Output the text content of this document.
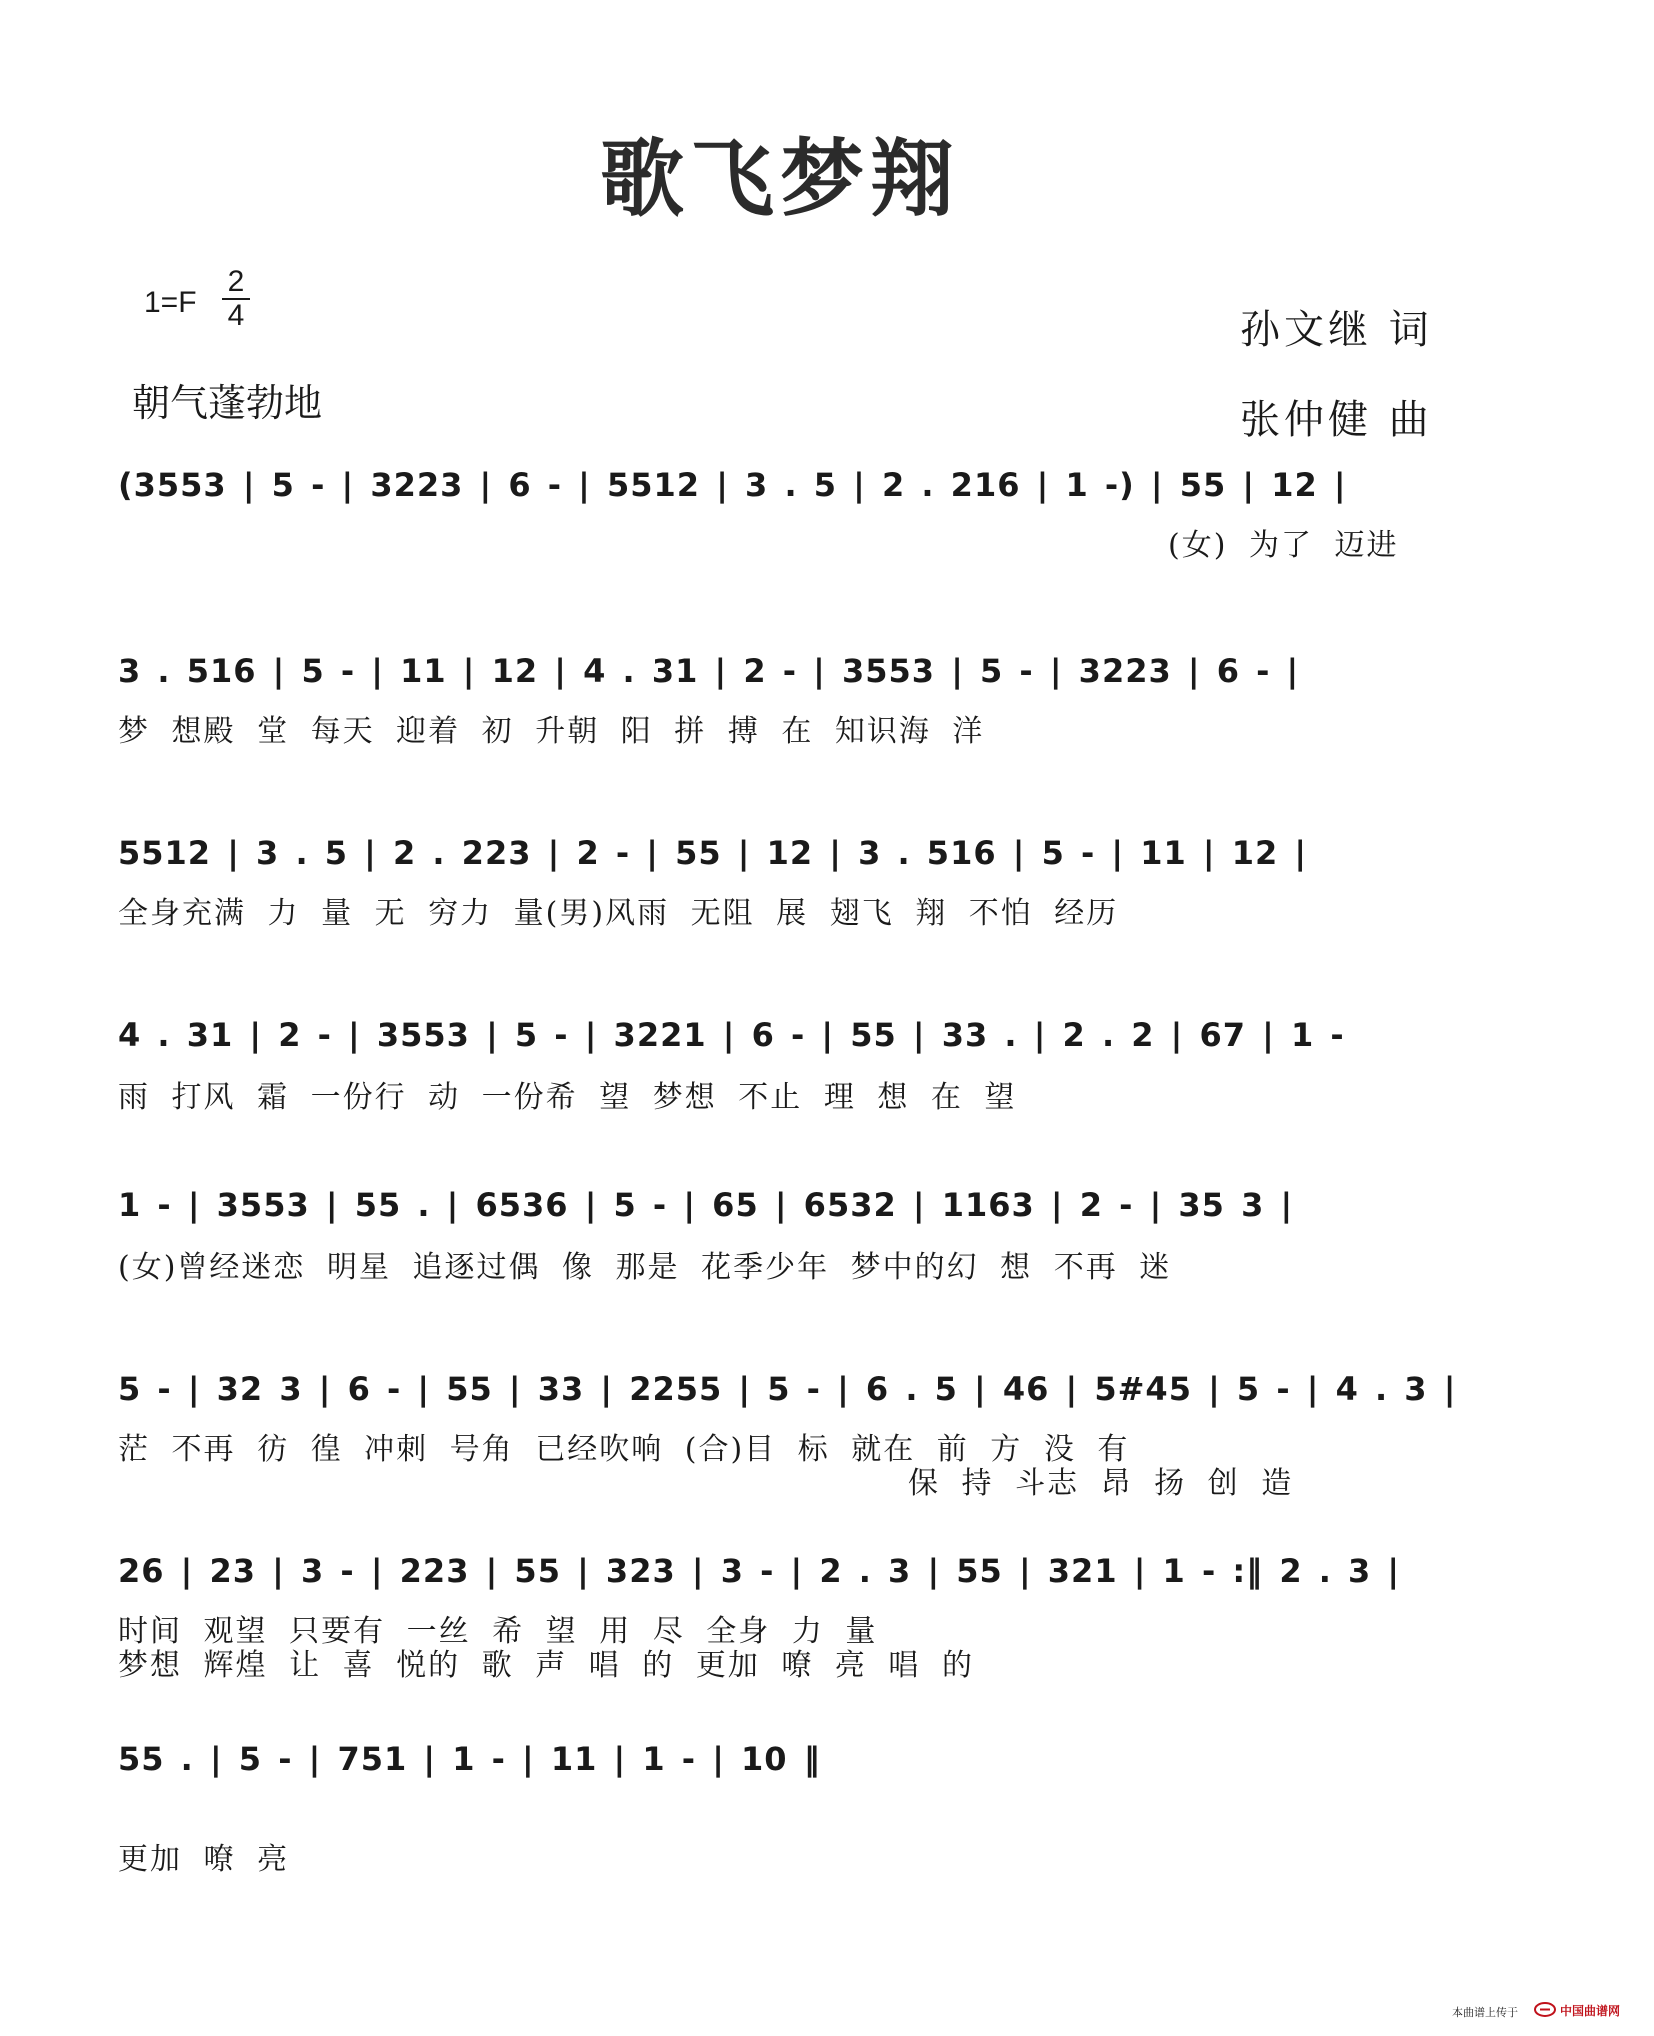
歌飞梦翔
$1=F \frac{2}{4}$
朝气蓬勃地
孙文继 词
张仲健 曲
(3553 | 5 - | 3223 | 6 - | 5512 | 3 . 5 | 2 . 216 | 1 -) | 55 | 12 |
(女) 为了 迈进
3 . 516 | 5 - | 11 | 12 | 4 . 31 | 2 - | 3553 | 5 - | 3223 | 6 - |
梦 想殿 堂 每天 迎着 初 升朝 阳 拼 搏 在 知识海 洋
5512 | 3 . 5 | 2 . 223 | 2 - | 55 | 12 | 3 . 516 | 5 - | 11 | 12 |
全身充满 力 量 无 穷力 量(男)风雨 无阻 展 翅飞 翔 不怕 经历
4 . 31 | 2 - | 3553 | 5 - | 3221 | 6 - | 55 | 33 . | 2 . 2 | 67 | 1 -
雨 打风 霜 一份行 动 一份希 望 梦想 不止 理 想 在 望
1 - | 3553 | 55 . | 6536 | 5 - | 65 | 6532 | 1163 | 2 - | 35 3 |
(女)曾经迷恋 明星 追逐过偶 像 那是 花季少年 梦中的幻 想 不再 迷
5 - | 32 3 | 6 - | 55 | 33 | 2255 | 5 - | 6 . 5 | 46 | 5#45 | 5 - | 4 . 3 |
茫 不再 彷 徨 冲刺 号角 已经吹响 (合)目 标 就在 前 方 没 有
保 持 斗志 昂 扬 创 造
26 | 23 | 3 - | 223 | 55 | 323 | 3 - | 2 . 3 | 55 | 321 | 1 - :‖ 2 . 3 |
时间 观望 只要有 一丝 希 望 用 尽 全身 力 量
梦想 辉煌 让 喜 悦的 歌 声 唱 的 更加 嘹 亮 唱 的
55 . | 5 - | 751 | 1 - | 11 | 1 - | 10 ‖
更加 嘹 亮
本曲谱上传于	中国曲谱网
